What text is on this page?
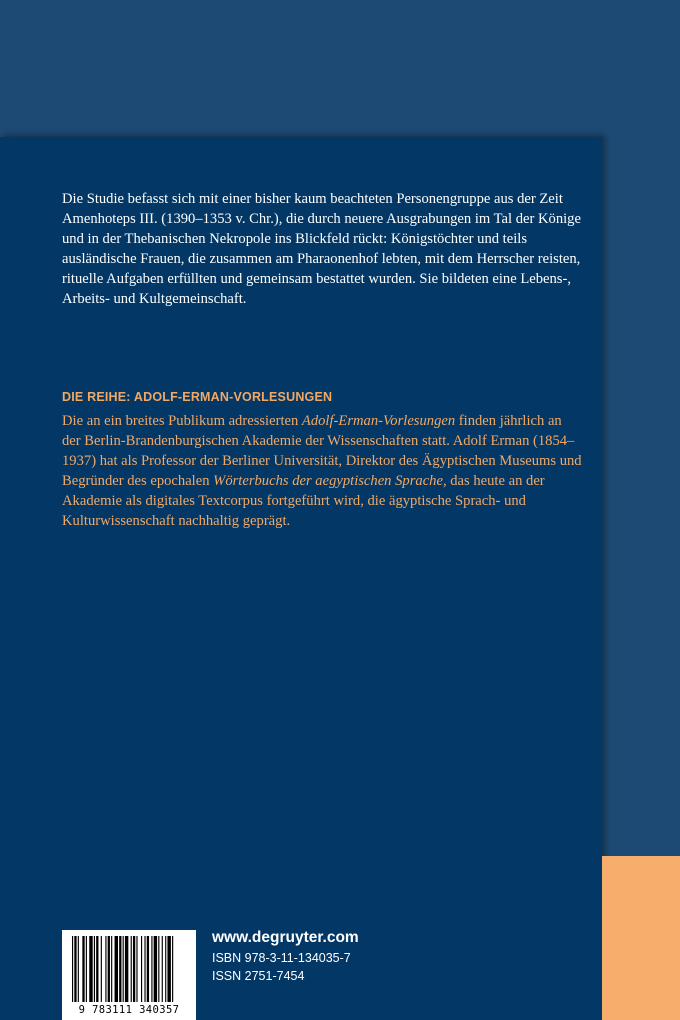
Die Studie befasst sich mit einer bisher kaum beachteten Personengruppe aus der Zeit Amenhoteps III. (1390–1353 v. Chr.), die durch neuere Ausgrabungen im Tal der Könige und in der Thebanischen Nekropole ins Blickfeld rückt: Königstöchter und teils ausländische Frauen, die zusammen am Pharaonenhof lebten, mit dem Herrscher reisten, rituelle Aufgaben erfüllten und gemeinsam bestattet wurden. Sie bildeten eine Lebens-, Arbeits- und Kultgemeinschaft.

DIE REIHE: ADOLF-ERMAN-VORLESUNGEN

Die an ein breites Publikum adressierten Adolf-Erman-Vorlesungen finden jährlich an der Berlin-Brandenburgischen Akademie der Wissenschaften statt. Adolf Erman (1854–1937) hat als Professor der Berliner Universität, Direktor des Ägyptischen Museums und Begründer des epochalen Wörterbuchs der aegyptischen Sprache, das heute an der Akademie als digitales Textcorpus fortgeführt wird, die ägyptische Sprach- und Kulturwissenschaft nachhaltig geprägt.

9 783111 340357
www.degruyter.com
ISBN 978-3-11-134035-7
ISSN 2751-7454
